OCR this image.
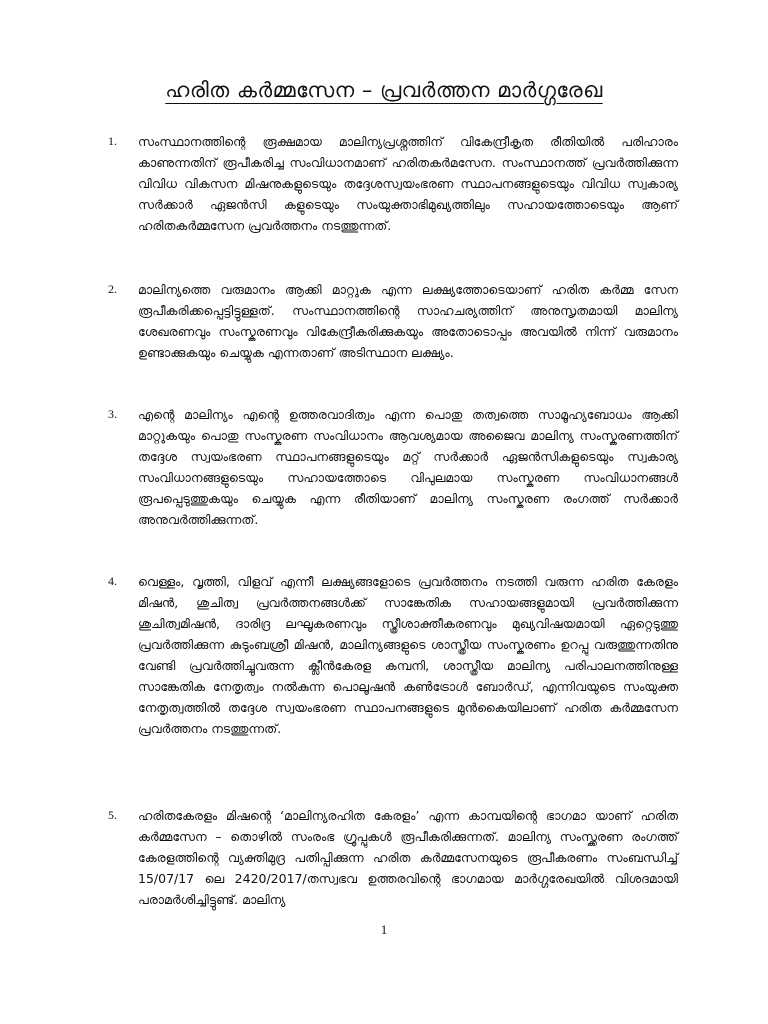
ഹരിത കർമ്മസേന – പ്രവർത്തന മാർഗ്ഗരേഖ
1. സംസ്ഥാനത്തിന്റെ രൂക്ഷമായ മാലിന്യപ്രശ്നത്തിന് വികേന്ദ്രീകൃത രീതിയിൽ പരിഹാരം കാണുന്നതിന് രൂപീകരിച്ച സംവിധാനമാണ് ഹരിതകർമസേന. സംസ്ഥാനത്ത് പ്രവർത്തിക്കുന്ന വിവിധ വികസന മിഷനുകളുടെയും തദ്ദേശസ്വയംഭരണ സ്ഥാപനങ്ങളുടെയും വിവിധ സ്വകാര്യ സർക്കാർ ഏജൻസി കളുടെയും സംയുക്താഭിമുഖ്യത്തിലും സഹായത്തോടെയും ആണ് ഹരിതകർമ്മസേന പ്രവർത്തനം നടത്തുന്നത്.
2. മാലിന്യത്തെ വരുമാനം ആക്കി മാറ്റുക എന്ന ലക്ഷ്യത്തോടെയാണ് ഹരിത കർമ്മ സേന രൂപീകരിക്കപ്പെട്ടിട്ടുള്ളത്. സംസ്ഥാനത്തിന്റെ സാഹചര്യത്തിന് അനുസൃതമായി മാലിന്യ ശേഖരണവും സംസ്കരണവും വികേന്ദ്രീകരിക്കുകയും അതോടൊപ്പം അവയിൽ നിന്ന് വരുമാനം ഉണ്ടാക്കുകയും ചെയ്യുക എന്നതാണ് അടിസ്ഥാന ലക്ഷ്യം.
3. എന്റെ മാലിന്യം എന്റെ ഉത്തരവാദിത്വം എന്ന പൊതു തത്വത്തെ സാമൂഹ്യബോധം ആക്കി മാറ്റുകയും പൊതു സംസ്കരണ സംവിധാനം ആവശ്യമായ അജൈവ മാലിന്യ സംസ്കരണത്തിന് തദ്ദേശ സ്വയംഭരണ സ്ഥാപനങ്ങളുടെയും മറ്റ് സർക്കാർ ഏജൻസികളുടെയും സ്വകാര്യ സംവിധാനങ്ങളുടെയും സഹായത്തോടെ വിപുലമായ സംസ്കരണ സംവിധാനങ്ങൾ രൂപപ്പെടുത്തുകയും ചെയ്യുക എന്ന രീതിയാണ് മാലിന്യ സംസ്കരണ രംഗത്ത് സർക്കാർ അനുവർത്തിക്കുന്നത്.
4. വെള്ളം, വൃത്തി, വിളവ് എന്നീ ലക്ഷ്യങ്ങളോടെ പ്രവർത്തനം നടത്തി വരുന്ന ഹരിത കേരളം മിഷൻ, ശുചിത്വ പ്രവർത്തനങ്ങൾക്ക് സാങ്കേതിക സഹായങ്ങളുമായി പ്രവർത്തിക്കുന്ന ശുചിത്വമിഷൻ, ദാരിദ്ര ലഘൂകരണവും സ്ത്രീശാക്തീകരണവും മുഖ്യവിഷയമായി ഏറ്റെടുത്തു പ്രവർത്തിക്കുന്ന കുടുംബശ്രീ മിഷൻ, മാലിന്യങ്ങളുടെ ശാസ്ത്രീയ സംസ്കരണം ഉറപ്പു വരുത്തുന്നതിനു വേണ്ടി പ്രവർത്തിച്ചുവരുന്ന ക്ലീൻകേരള കമ്പനി, ശാസ്ത്രീയ മാലിന്യ പരിപാലനത്തിനുള്ള സാങ്കേതിക നേതൃത്വം നൽകുന്ന പൊലൂഷൻ കൺട്രോൾ ബോർഡ്, എന്നിവയുടെ സംയുക്ത നേതൃത്വത്തിൽ തദ്ദേശ സ്വയംഭരണ സ്ഥാപനങ്ങളുടെ മുൻകൈയിലാണ് ഹരിത കർമ്മസേന പ്രവർത്തനം നടത്തുന്നത്.
5. ഹരിതകേരളം മിഷന്റെ ‘മാലിന്യരഹിത കേരളം’ എന്ന കാമ്പയിന്റെ ഭാഗമാ യാണ് ഹരിത കർമ്മസേന – തൊഴിൽ സംരംഭ ഗ്രൂപ്പുകൾ രൂപീകരിക്കുന്നത്. മാലിന്യ സംസ്ക്കരണ രംഗത്ത് കേരളത്തിന്റെ വ്യക്തിമുദ്ര പതിപ്പിക്കുന്ന ഹരിത കർമ്മസേനയുടെ രൂപീകരണം സംബന്ധിച്ച് 15/07/17 ലെ 2420/2017/തസ്വഭവ ഉത്തരവിന്റെ ഭാഗമായ മാർഗ്ഗരേഖയിൽ വിശദമായി പരാമർശിച്ചിട്ടുണ്ട്. മാലിന്യ
1
